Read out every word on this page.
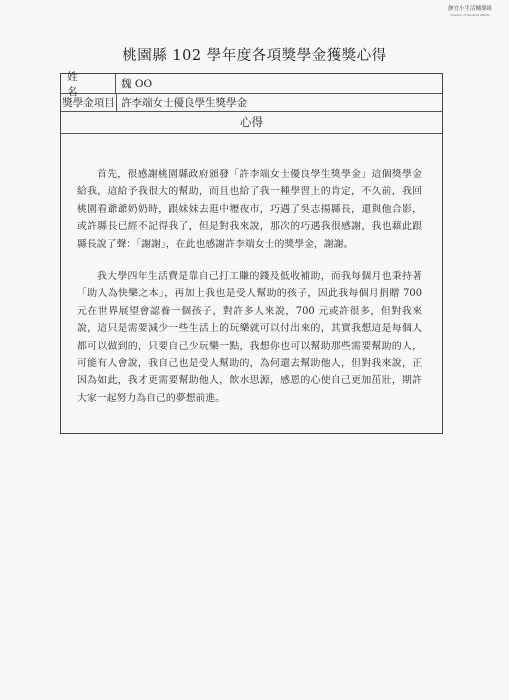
靜宜小生活輔導組
Division of Student Affairs
桃園縣 102 學年度各項獎學金獲獎心得
姓　名
魏 OO
獎學金項目 許李端女士優良學生獎學金
心得

首先，很感謝桃園縣政府頒發「許李端女士優良學生獎學金」這個獎學金給我，這給予我很大的幫助，而且也給了我一種學習上的肯定，不久前，我回桃園看爺爺奶奶時，跟妹妹去逛中壢夜市，巧遇了吳志揚縣長，還與他合影，或許縣長已經不記得我了，但是對我來說，那次的巧遇我很感謝，我也藉此跟縣長說了聲：「謝謝」，在此也感謝許李端女士的獎學金，謝謝。

我大學四年生活費是靠自己打工賺的錢及低收補助，而我每個月也秉持著「助人為快樂之本」，再加上我也是受人幫助的孩子，因此我每個月捐贈 700 元在世界展望會認養一個孩子，對許多人來說，700 元或許很多，但對我來說，這只是需要減少一些生活上的玩樂就可以付出來的，其實我想這是每個人都可以做到的，只要自己少玩樂一點，我想你也可以幫助那些需要幫助的人，可能有人會說，我自己也是受人幫助的，為何還去幫助他人，但對我來說，正因為如此，我才更需要幫助他人，飲水思源，感恩的心使自己更加茁壯，期許大家一起努力為自己的夢想前進。
